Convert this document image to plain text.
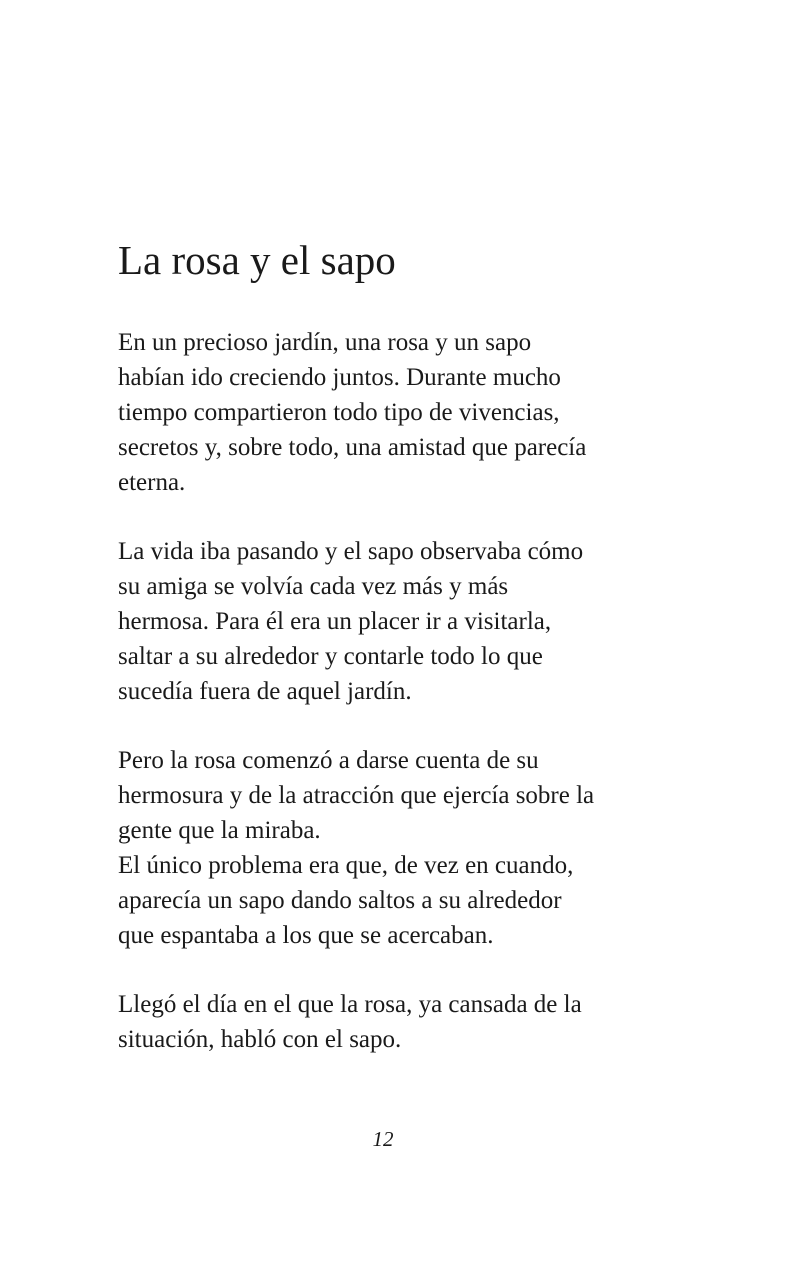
La rosa y el sapo

En un precioso jardín, una rosa y un sapo
habían ido creciendo juntos. Durante mucho
tiempo compartieron todo tipo de vivencias,
secretos y, sobre todo, una amistad que parecía
eterna.

La vida iba pasando y el sapo observaba cómo
su amiga se volvía cada vez más y más
hermosa. Para él era un placer ir a visitarla,
saltar a su alrededor y contarle todo lo que
sucedía fuera de aquel jardín.

Pero la rosa comenzó a darse cuenta de su
hermosura y de la atracción que ejercía sobre la
gente que la miraba.
El único problema era que, de vez en cuando,
aparecía un sapo dando saltos a su alrededor
que espantaba a los que se acercaban.

Llegó el día en el que la rosa, ya cansada de la
situación, habló con el sapo.

12
